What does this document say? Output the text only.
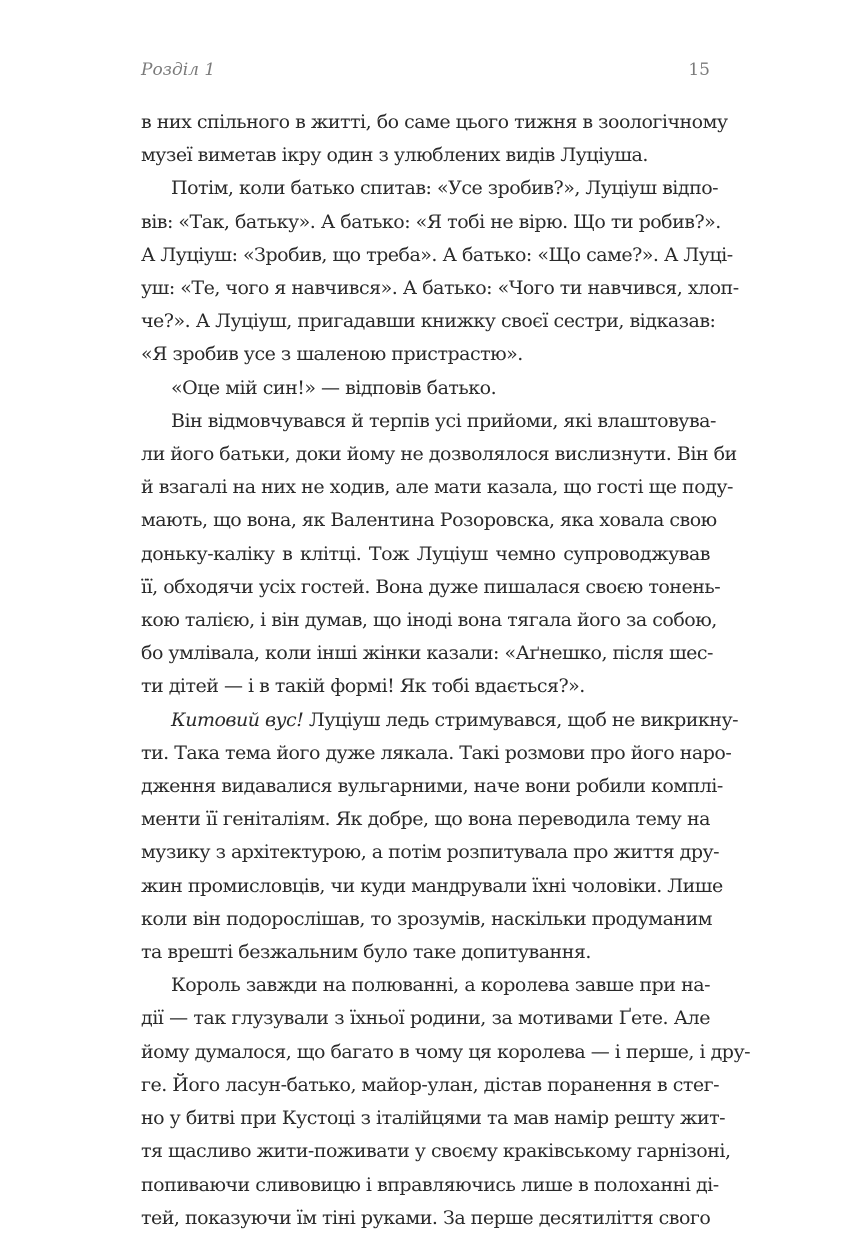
Розділ 1	15
в них спільного в житті, бо саме цього тижня в зоологічному
музеї виметав ікру один з улюблених видів Луціуша.
Потім, коли батько спитав: «Усе зробив?», Луціуш відпо-
вів: «Так, батьку». А батько: «Я тобі не вірю. Що ти робив?».
А Луціуш: «Зробив, що треба». А батько: «Що саме?». А Луці-
уш: «Те, чого я навчився». А батько: «Чого ти навчився, хлоп-
че?». А Луціуш, пригадавши книжку своєї сестри, відказав:
«Я зробив усе з шаленою пристрастю».
«Оце мій син!» — відповів батько.
Він відмовчувався й терпів усі прийоми, які влаштовува-
ли його батьки, доки йому не дозволялося вислизнути. Він би
й взагалі на них не ходив, але мати казала, що гості ще поду-
мають, що вона, як Валентина Розоровска, яка ховала свою
доньку-каліку в клітці. Тож Луціуш чемно супроводжував
її, обходячи усіх гостей. Вона дуже пишалася своєю тонень-
кою талією, і він думав, що іноді вона тягала його за собою,
бо умлівала, коли інші жінки казали: «Аґнешко, після шес-
ти дітей — і в такій формі! Як тобі вдається?».
Китовий вус! Луціуш ледь стримувався, щоб не викрикну-
ти. Така тема його дуже лякала. Такі розмови про його наро-
дження видавалися вульгарними, наче вони робили комплі-
менти її геніталіям. Як добре, що вона переводила тему на
музику з архітектурою, а потім розпитувала про життя дру-
жин промисловців, чи куди мандрували їхні чоловіки. Лише
коли він подорослішав, то зрозумів, наскільки продуманим
та врешті безжальним було таке допитування.
Король завжди на полюванні, а королева завше при на-
дії — так глузували з їхньої родини, за мотивами Ґете. Але
йому думалося, що багато в чому ця королева — і перше, і дру-
ге. Його ласун-батько, майор-улан, дістав поранення в стег-
но у битві при Кустоці з італійцями та мав намір решту жит-
тя щасливо жити-поживати у своєму краківському гарнізоні,
попиваючи сливовицю і вправляючись лише в полоханні ді-
тей, показуючи їм тіні руками. За перше десятиліття свого
